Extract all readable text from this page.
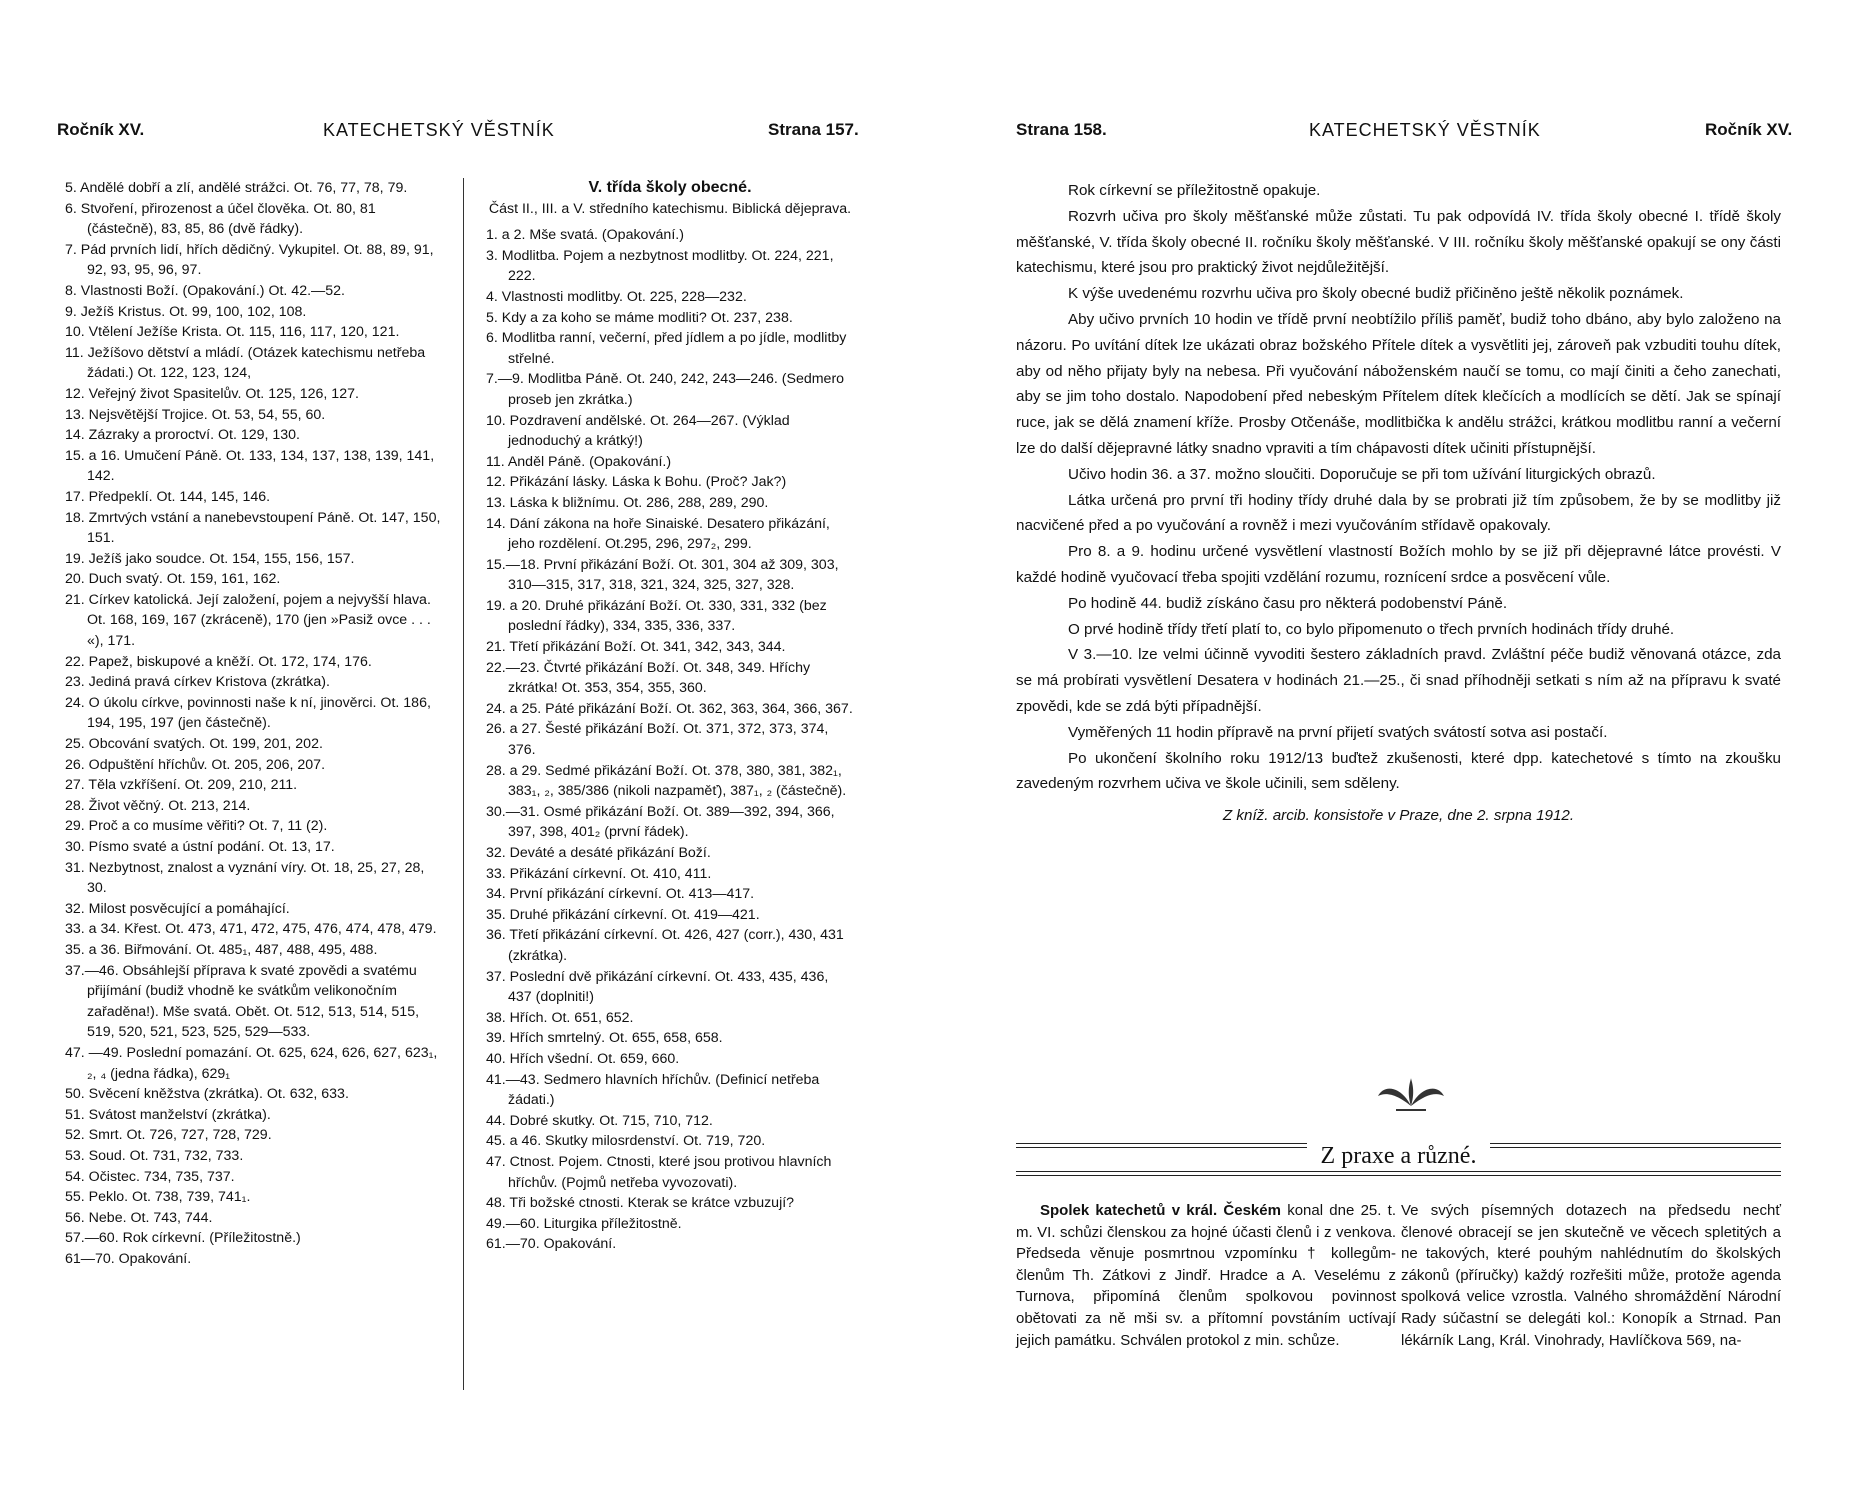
Ročník XV.	KATECHETSKÝ VĚSTNÍK	Strana 157.
5. Andělé dobří a zlí, andělé strážci. Ot. 76, 77, 78, 79.
6. Stvoření, přirozenost a účel člověka. Ot. 80, 81 (částečně), 83, 85, 86 (dvě řádky).
7. Pád prvních lidí, hřích dědičný. Vykupitel. Ot. 88, 89, 91, 92, 93, 95, 96, 97.
8. Vlastnosti Boží. (Opakování.) Ot. 42.—52.
9. Ježíš Kristus. Ot. 99, 100, 102, 108.
10. Vtělení Ježíše Krista. Ot. 115, 116, 117, 120, 121.
11. Ježíšovo dětství a mládí. (Otázek katechismu netřeba žádati.) Ot. 122, 123, 124,
12. Veřejný život Spasitelův. Ot. 125, 126, 127.
13. Nejsvětější Trojice. Ot. 53, 54, 55, 60.
14. Zázraky a proroctví. Ot. 129, 130.
15. a 16. Umučení Páně. Ot. 133, 134, 137, 138, 139, 141, 142.
17. Předpeklí. Ot. 144, 145, 146.
18. Zmrtvých vstání a nanebevstoupení Páně. Ot. 147, 150, 151.
19. Ježíš jako soudce. Ot. 154, 155, 156, 157.
20. Duch svatý. Ot. 159, 161, 162.
21. Církev katolická. Její založení, pojem a nejvyšší hlava. Ot. 168, 169, 167 (zkráceně), 170 (jen »Pasiž ovce . . . «), 171.
22. Papež, biskupové a kněží. Ot. 172, 174, 176.
23. Jediná pravá církev Kristova (zkrátka).
24. O úkolu církve, povinnosti naše k ní, jinověrci. Ot. 186, 194, 195, 197 (jen částečně).
25. Obcování svatých. Ot. 199, 201, 202.
26. Odpuštění hříchův. Ot. 205, 206, 207.
27. Těla vzkříšení. Ot. 209, 210, 211.
28. Život věčný. Ot. 213, 214.
29. Proč a co musíme věřiti? Ot. 7, 11 (2).
30. Písmo svaté a ústní podání. Ot. 13, 17.
31. Nezbytnost, znalost a vyznání víry. Ot. 18, 25, 27, 28, 30.
32. Milost posvěcující a pomáhající.
33. a 34. Křest. Ot. 473, 471, 472, 475, 476, 474, 478, 479.
35. a 36. Biřmování. Ot. 485₁, 487, 488, 495, 488.
37.—46. Obsáhlejší příprava k svaté zpovědi a svatému přijímání (budiž vhodně ke svátkům velikonočním zařaděna!). Mše svatá. Obět. Ot. 512, 513, 514, 515, 519, 520, 521, 523, 525, 529—533.
47. —49. Poslední pomazání. Ot. 625, 624, 626, 627, 623₁, ₂, ₄ (jedna řádka), 629₁
50. Svěcení kněžstva (zkrátka). Ot. 632, 633.
51. Svátost manželství (zkrátka).
52. Smrt. Ot. 726, 727, 728, 729.
53. Soud. Ot. 731, 732, 733.
54. Očistec. 734, 735, 737.
55. Peklo. Ot. 738, 739, 741₁.
56. Nebe. Ot. 743, 744.
57.—60. Rok církevní. (Příležitostně.)
61—70. Opakování.
V. třída školy obecné.
Část II., III. a V. středního katechismu. Biblická dějeprava.
1. a 2. Mše svatá. (Opakování.)
3. Modlitba. Pojem a nezbytnost modlitby. Ot. 224, 221, 222.
4. Vlastnosti modlitby. Ot. 225, 228—232.
5. Kdy a za koho se máme modliti? Ot. 237, 238.
6. Modlitba ranní, večerní, před jídlem a po jídle, modlitby střelné.
7.—9. Modlitba Páně. Ot. 240, 242, 243—246. (Sedmero proseb jen zkrátka.)
10. Pozdravení andělské. Ot. 264—267. (Výklad jednoduchý a krátký!)
11. Anděl Páně. (Opakování.)
12. Přikázání lásky. Láska k Bohu. (Proč? Jak?)
13. Láska k bližnímu. Ot. 286, 288, 289, 290.
14. Dání zákona na hoře Sinaiské. Desatero přikázání, jeho rozdělení. Ot.295, 296, 297₂, 299.
15.—18. První přikázání Boží. Ot. 301, 304 až 309, 303, 310—315, 317, 318, 321, 324, 325, 327, 328.
19. a 20. Druhé přikázání Boží. Ot. 330, 331, 332 (bez poslední řádky), 334, 335, 336, 337.
21. Třetí přikázání Boží. Ot. 341, 342, 343, 344.
22.—23. Čtvrté přikázání Boží. Ot. 348, 349. Hříchy zkrátka! Ot. 353, 354, 355, 360.
24. a 25. Páté přikázání Boží. Ot. 362, 363, 364, 366, 367.
26. a 27. Šesté přikázání Boží. Ot. 371, 372, 373, 374, 376.
28. a 29. Sedmé přikázání Boží. Ot. 378, 380, 381, 382₁, 383₁, ₂, 385/386 (nikoli nazpaměť), 387₁, ₂ (částečně).
30.—31. Osmé přikázání Boží. Ot. 389—392, 394, 366, 397, 398, 401₂ (první řádek).
32. Deváté a desáté přikázání Boží.
33. Přikázání církevní. Ot. 410, 411.
34. První přikázání církevní. Ot. 413—417.
35. Druhé přikázání církevní. Ot. 419—421.
36. Třetí přikázání církevní. Ot. 426, 427 (corr.), 430, 431 (zkrátka).
37. Poslední dvě přikázání církevní. Ot. 433, 435, 436, 437 (doplniti!)
38. Hřích. Ot. 651, 652.
39. Hřích smrtelný. Ot. 655, 658, 658.
40. Hřích všední. Ot. 659, 660.
41.—43. Sedmero hlavních hříchův. (Definicí netřeba žádati.)
44. Dobré skutky. Ot. 715, 710, 712.
45. a 46. Skutky milosrdenství. Ot. 719, 720.
47. Ctnost. Pojem. Ctnosti, které jsou protivou hlavních hříchův. (Pojmů netřeba vyvozovati).
48. Tři božské ctnosti. Kterak se krátce vzbuzují?
49.—60. Liturgika příležitostně.
61.—70. Opakování.
Strana 158.	KATECHETSKÝ VĚSTNÍK	Ročník XV.

Rok církevní se příležitostně opakuje.

Rozvrh učiva pro školy měšťanské může zůstati. Tu pak odpovídá IV. třída školy obecné I. třídě školy měšťanské, V. třída školy obecné II. ročníku školy měšťanské. V III. ročníku školy měšťanské opakují se ony části katechismu, které jsou pro praktický život nejdůležitější.

K výše uvedenému rozvrhu učiva pro školy obecné budiž přičiněno ještě několik poznámek.

Aby učivo prvních 10 hodin ve třídě první neobtížilo příliš paměť, budiž toho dbáno, aby bylo založeno na názoru. Po uvítání dítek lze ukázati obraz božského Přítele dítek a vysvětliti jej, zároveň pak vzbuditi touhu dítek, aby od něho přijaty byly na nebesa. Při vyučování náboženském naučí se tomu, co mají činiti a čeho zanechati, aby se jim toho dostalo. Napodobení před nebeským Přítelem dítek klečících a modlících se dětí. Jak se spínají ruce, jak se dělá znamení kříže. Prosby Otčenáše, modlitbička k andělu strážci, krátkou modlitbu ranní a večerní lze do další dějepravné látky snadno vpraviti a tím chápavosti dítek učiniti přístupnější.

Učivo hodin 36. a 37. možno sloučiti. Doporučuje se při tom užívání liturgických obrazů.

Látka určená pro první tři hodiny třídy druhé dala by se probrati již tím způsobem, že by se modlitby již nacvičené před a po vyučování a rovněž i mezi vyučováním střídavě opakovaly.

Pro 8. a 9. hodinu určené vysvětlení vlastností Božích mohlo by se již při dějepravné látce provésti. V každé hodině vyučovací třeba spojiti vzdělání rozumu, roznícení srdce a posvěcení vůle.

Po hodině 44. budiž získáno času pro některá podobenství Páně.

O prvé hodině třídy třetí platí to, co bylo připomenuto o třech prvních hodinách třídy druhé.

V 3.—10. lze velmi účinně vyvoditi šestero základních pravd. Zvláštní péče budiž věnovaná otázce, zda se má probírati vysvětlení Desatera v hodinách 21.—25., či snad příhodněji setkati s ním až na přípravu k svaté zpovědi, kde se zdá býti případnější.

Vyměřených 11 hodin přípravě na první přijetí svatých svátostí sotva asi postačí.

Po ukončení školního roku 1912/13 buďtež zkušenosti, které dpp. katechetové s tímto na zkoušku zavedeným rozvrhem učiva ve škole učinili, sem sděleny.

Z kníž. arcib. konsistoře v Praze, dne 2. srpna 1912.
Z praxe a různé.

Spolek katechetů v král. Českém konal dne 25. t. m. VI. schůzi členskou za hojné účasti členů i z venkova. Předseda věnuje posmrtnou vzpomínku † kollegům-členům Th. Zátkovi z Jindř. Hradce a A. Veselému z Turnova, připomíná členům spolkovou povinnost obětovati za ně mši sv. a přítomní povstáním uctívají jejich památku. Schválen protokol z min. schůze.

Ve svých písemných dotazech na předsedu nechť členové obracejí se jen skutečně ve věcech spletitých a ne takových, které pouhým nahlédnutím do školských zákonů (příručky) každý rozřešiti může, protože agenda spolková velice vzrostla. Valného shromáždění Národní Rady súčastní se delegáti kol.: Konopík a Strnad. Pan lékárník Lang, Král. Vinohrady, Havlíčkova 569, na-
